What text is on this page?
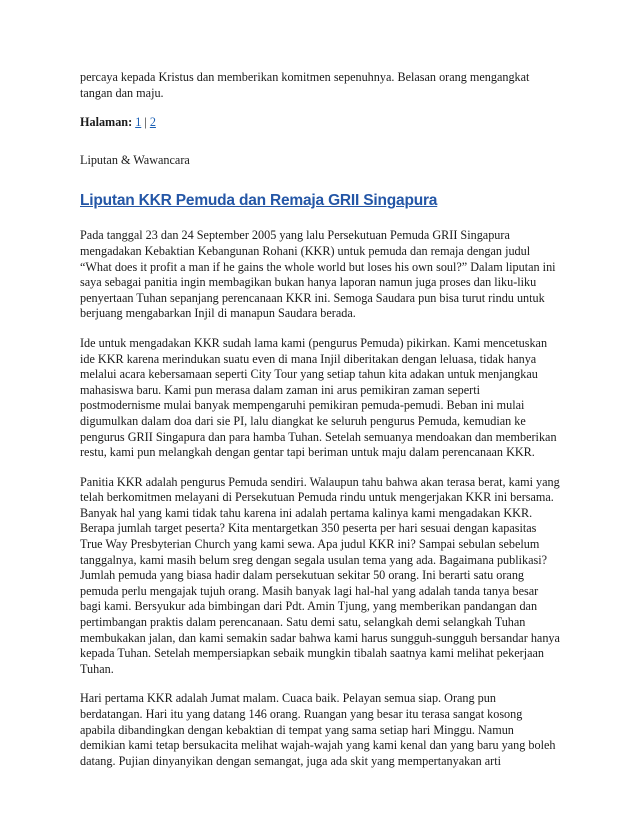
percaya kepada Kristus dan memberikan komitmen sepenuhnya. Belasan orang mengangkat tangan dan maju.

Halaman: 1 | 2

Liputan & Wawancara

Liputan KKR Pemuda dan Remaja GRII Singapura

Pada tanggal 23 dan 24 September 2005 yang lalu Persekutuan Pemuda GRII Singapura mengadakan Kebaktian Kebangunan Rohani (KKR) untuk pemuda dan remaja dengan judul “What does it profit a man if he gains the whole world but loses his own soul?” Dalam liputan ini saya sebagai panitia ingin membagikan bukan hanya laporan namun juga proses dan liku-liku penyertaan Tuhan sepanjang perencanaan KKR ini. Semoga Saudara pun bisa turut rindu untuk berjuang mengabarkan Injil di manapun Saudara berada.

Ide untuk mengadakan KKR sudah lama kami (pengurus Pemuda) pikirkan. Kami mencetuskan ide KKR karena merindukan suatu even di mana Injil diberitakan dengan leluasa, tidak hanya melalui acara kebersamaan seperti City Tour yang setiap tahun kita adakan untuk menjangkau mahasiswa baru. Kami pun merasa dalam zaman ini arus pemikiran zaman seperti postmodernisme mulai banyak mempengaruhi pemikiran pemuda-pemudi. Beban ini mulai digumulkan dalam doa dari sie PI, lalu diangkat ke seluruh pengurus Pemuda, kemudian ke pengurus GRII Singapura dan para hamba Tuhan. Setelah semuanya mendoakan dan memberikan restu, kami pun melangkah dengan gentar tapi beriman untuk maju dalam perencanaan KKR.

Panitia KKR adalah pengurus Pemuda sendiri. Walaupun tahu bahwa akan terasa berat, kami yang telah berkomitmen melayani di Persekutuan Pemuda rindu untuk mengerjakan KKR ini bersama. Banyak hal yang kami tidak tahu karena ini adalah pertama kalinya kami mengadakan KKR. Berapa jumlah target peserta? Kita mentargetkan 350 peserta per hari sesuai dengan kapasitas True Way Presbyterian Church yang kami sewa. Apa judul KKR ini? Sampai sebulan sebelum tanggalnya, kami masih belum sreg dengan segala usulan tema yang ada. Bagaimana publikasi? Jumlah pemuda yang biasa hadir dalam persekutuan sekitar 50 orang. Ini berarti satu orang pemuda perlu mengajak tujuh orang. Masih banyak lagi hal-hal yang adalah tanda tanya besar bagi kami. Bersyukur ada bimbingan dari Pdt. Amin Tjung, yang memberikan pandangan dan pertimbangan praktis dalam perencanaan. Satu demi satu, selangkah demi selangkah Tuhan membukakan jalan, dan kami semakin sadar bahwa kami harus sungguh-sungguh bersandar hanya kepada Tuhan. Setelah mempersiapkan sebaik mungkin tibalah saatnya kami melihat pekerjaan Tuhan.

Hari pertama KKR adalah Jumat malam. Cuaca baik. Pelayan semua siap. Orang pun berdatangan. Hari itu yang datang 146 orang. Ruangan yang besar itu terasa sangat kosong apabila dibandingkan dengan kebaktian di tempat yang sama setiap hari Minggu. Namun demikian kami tetap bersukacita melihat wajah-wajah yang kami kenal dan yang baru yang boleh datang. Pujian dinyanyikan dengan semangat, juga ada skit yang mempertanyakan arti
